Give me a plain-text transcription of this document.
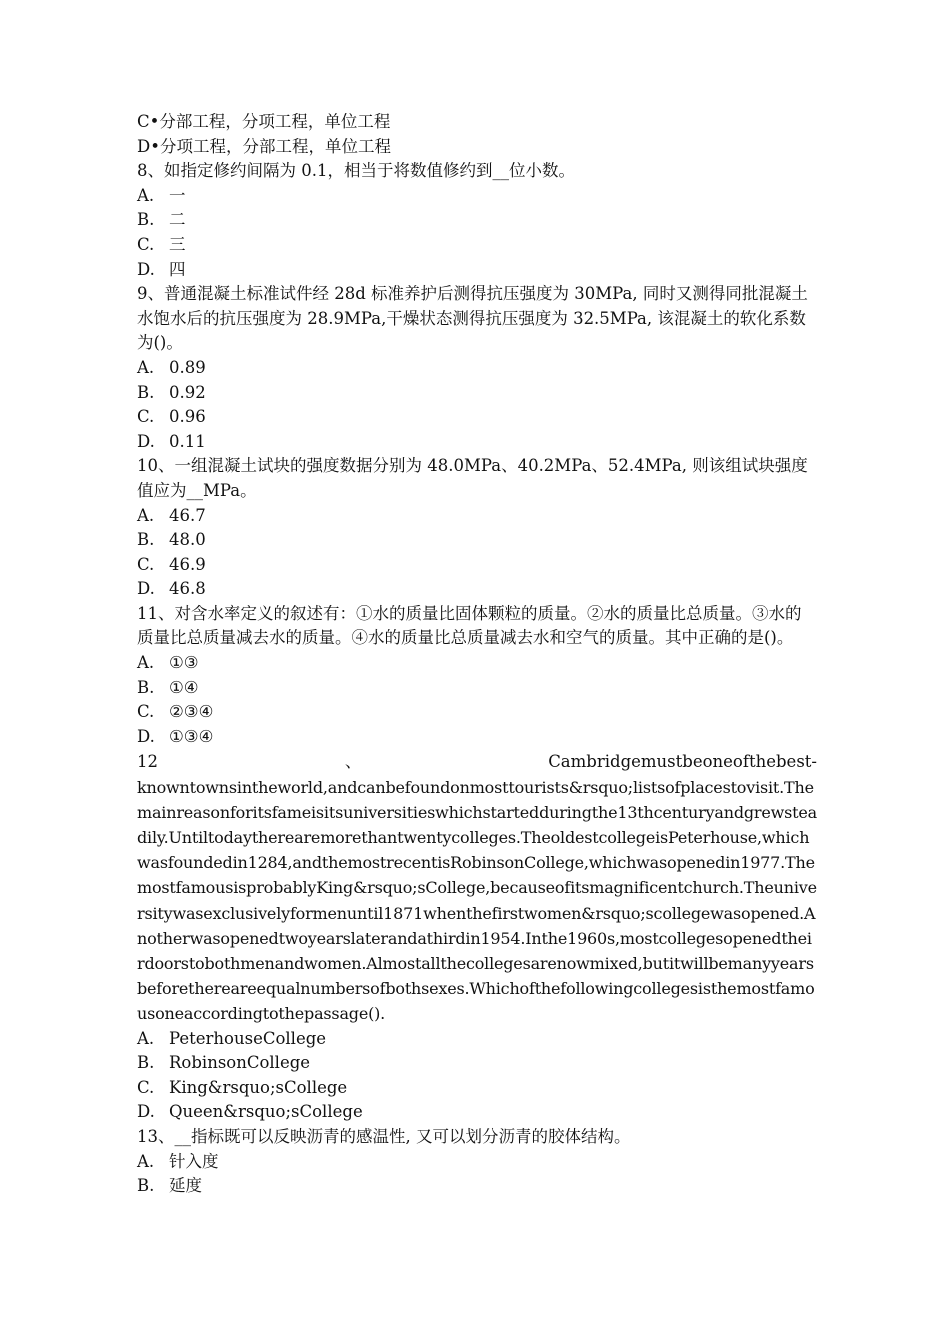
C•分部工程，分项工程，单位工程
D•分项工程，分部工程，单位工程
8、如指定修约间隔为 0.1，相当于将数值修约到__位小数。
A. 一
B. 二
C. 三
D. 四
9、普通混凝土标准试件经 28d 标准养护后测得抗压强度为 30MPa, 同时又测得同批混凝土水饱水后的抗压强度为 28.9MPa,干燥状态测得抗压强度为 32.5MPa, 该混凝土的软化系数为()。
A. 0.89
B. 0.92
C. 0.96
D. 0.11
10、一组混凝土试块的强度数据分别为 48.0MPa、40.2MPa、52.4MPa, 则该组试块强度值应为__MPa。
A. 46.7
B. 48.0
C. 46.9
D. 46.8
11、对含水率定义的叙述有：①水的质量比固体颗粒的质量。②水的质量比总质量。③水的质量比总质量减去水的质量。④水的质量比总质量减去水和空气的质量。其中正确的是()。
A. ①③
B. ①④
C. ②③④
D. ①③④
12	、	Cambridgemustbeoneofthebest-
knowntownsintheworld,andcanbefoundonmosttourists&rsquo;listsofplacestovisit.Themainreasonforitsfameisitsuniversitieswhichstartedduringthe13thcenturyandgrewsteadily.Untiltodaythereare​morethantwentycolleges.TheoldestcollegeisPeterhouse,whichwasfoundedin1284,andthemostrecentisRobinsonCollege,whichwasopenedin1977.ThemostfamousisprobablyKing&rsquo;sCollege,becauseofitsmagnificentchurch.Theuniversitywasexclusivelyformenuntil1871whenthefirstwomen&rsquo;scollegewasopened.Anotherwasopenedtwoyearslaterandathirdin1954.Inthe1960s,mostcollegesopenedtheirdoorstobothmenandwomen.Almostallthecollegesarenowmixed,butitwillbemanyyearsbeforethereareequalnumbersofbothsexes.Whichofthefollowingcollegesisthemostfamousoneaccordingtothepassage().
A. PeterhouseCollege
B. RobinsonCollege
C. King&rsquo;sCollege
D. Queen&rsquo;sCollege
13、__指标既可以反映沥青的感温性, 又可以划分沥青的胶体结构。
A. 针入度
B. 延度
